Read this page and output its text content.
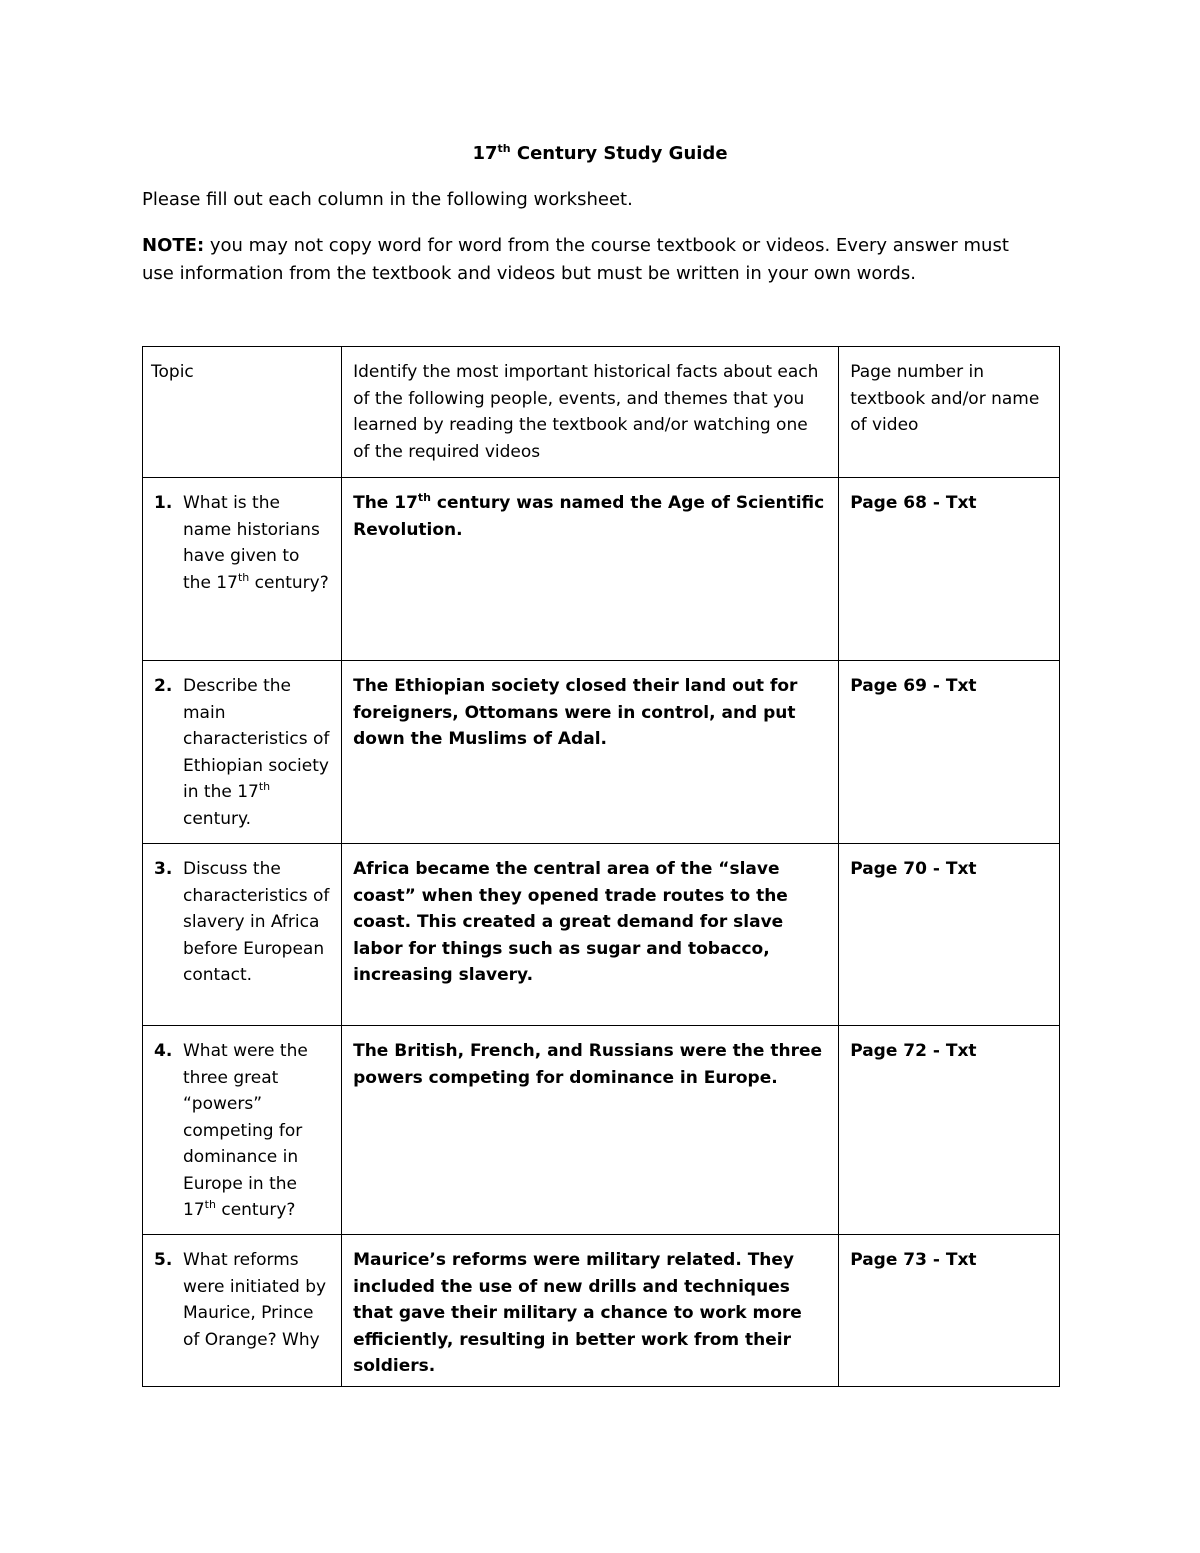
17th Century Study Guide
Please fill out each column in the following worksheet.
NOTE: you may not copy word for word from the course textbook or videos. Every answer must use information from the textbook and videos but must be written in your own words.
Topic	Identify the most important historical facts about each of the following people, events, and themes that you learned by reading the textbook and/or watching one of the required videos	Page number in textbook and/or name of video

1. What is the name historians have given to the 17th century?	The 17th century was named the Age of Scientific Revolution.	Page 68 - Txt

2. Describe the main characteristics of Ethiopian society in the 17th century.	The Ethiopian society closed their land out for foreigners, Ottomans were in control, and put down the Muslims of Adal.	Page 69 - Txt

3. Discuss the characteristics of slavery in Africa before European contact.	Africa became the central area of the “slave coast” when they opened trade routes to the coast. This created a great demand for slave labor for things such as sugar and tobacco, increasing slavery.	Page 70 - Txt

4. What were the three great “powers” competing for dominance in Europe in the 17th century?	The British, French, and Russians were the three powers competing for dominance in Europe.	Page 72 - Txt

5. What reforms were initiated by Maurice, Prince of Orange? Why	Maurice’s reforms were military related. They included the use of new drills and techniques that gave their military a chance to work more efficiently, resulting in better work from their soldiers.	Page 73 - Txt
